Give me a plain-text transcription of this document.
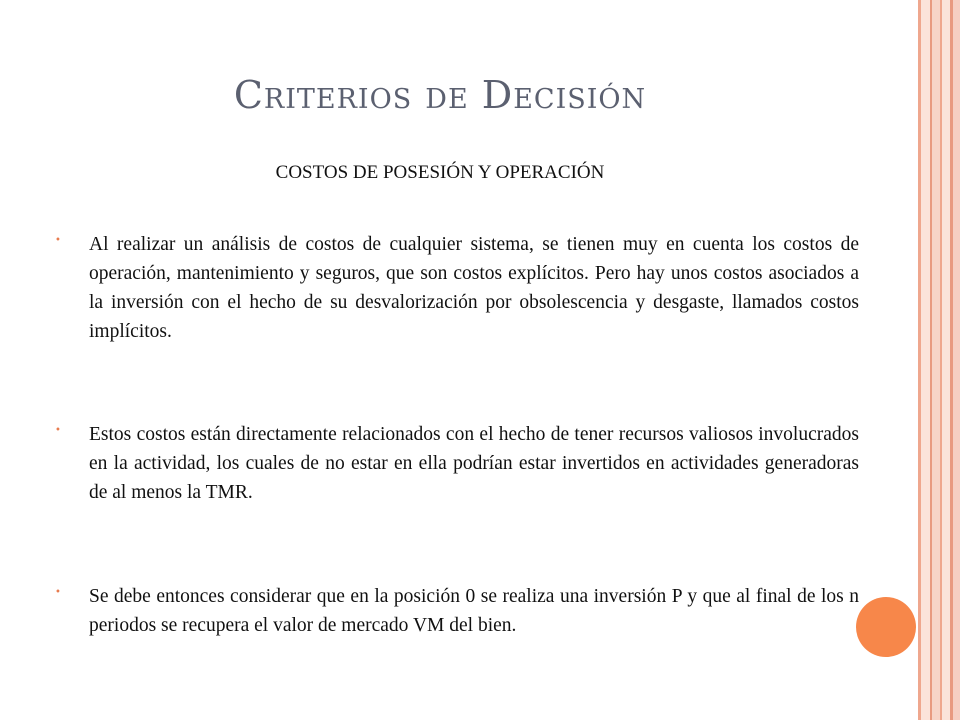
Criterios de Decisión
COSTOS DE POSESIÓN Y OPERACIÓN
• Al realizar un análisis de costos de cualquier sistema, se tienen muy en cuenta los costos de operación, mantenimiento y seguros, que son costos explícitos. Pero hay unos costos asociados a la inversión con el hecho de su desvalorización por obsolescencia y desgaste, llamados costos implícitos.
• Estos costos están directamente relacionados con el hecho de tener recursos valiosos involucrados en la actividad, los cuales de no estar en ella podrían estar invertidos en actividades generadoras de al menos la TMR.
• Se debe entonces considerar que en la posición 0 se realiza una inversión P y que al final de los n periodos se recupera el valor de mercado VM del bien.
